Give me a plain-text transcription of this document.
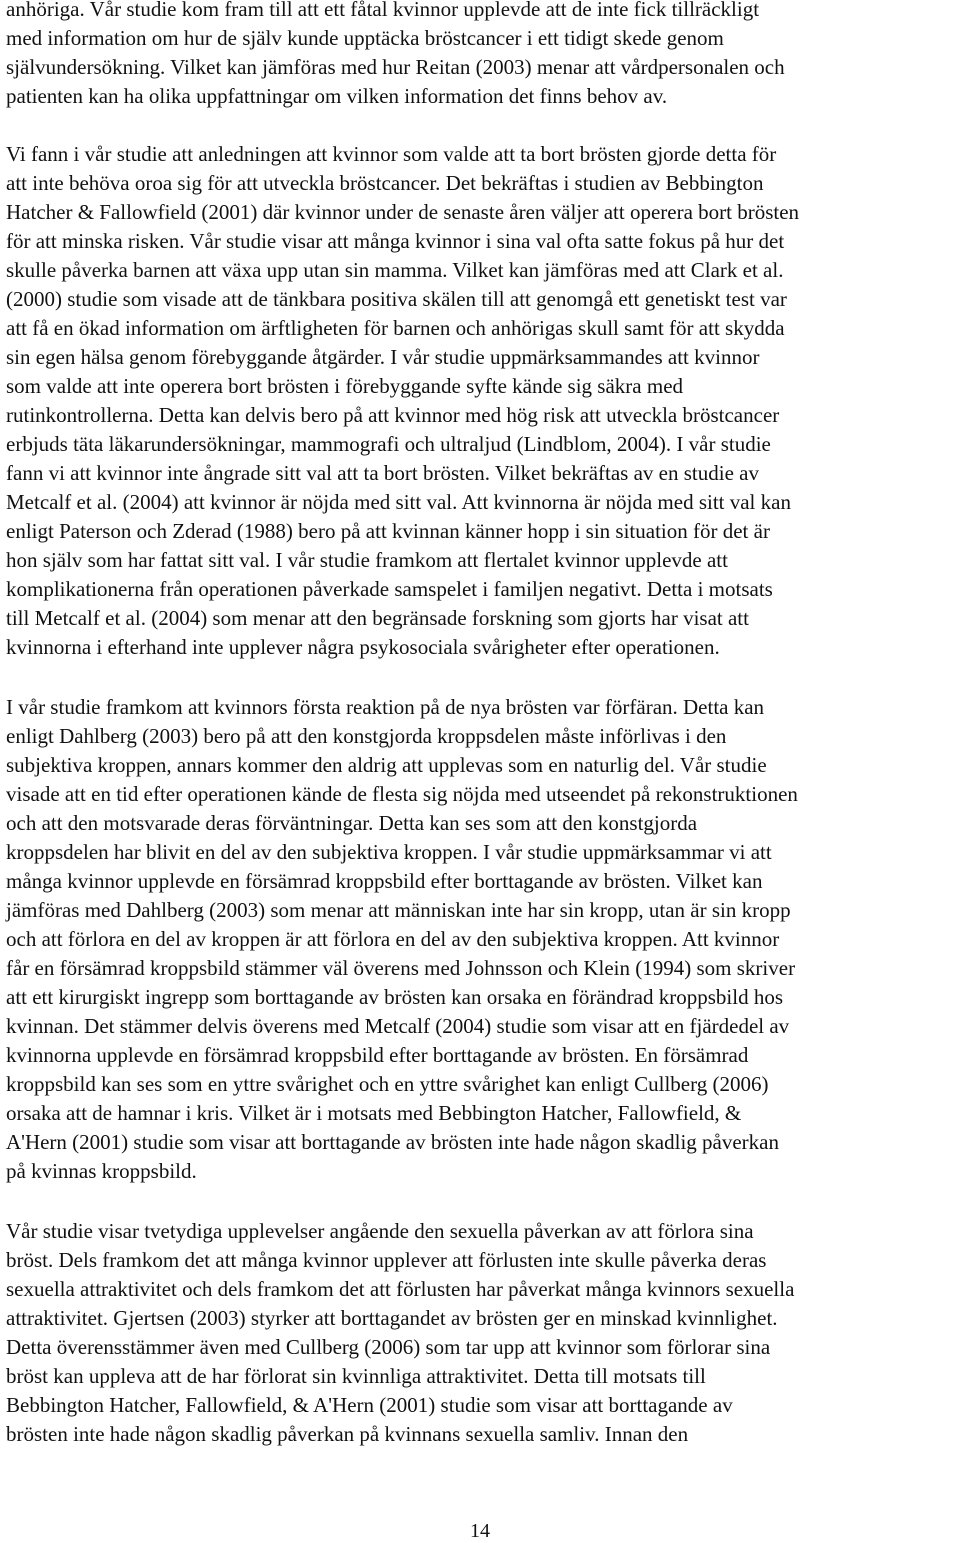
anhöriga. Vår studie kom fram till att ett fåtal kvinnor upplevde att de inte fick tillräckligt
med information om hur de själv kunde upptäcka bröstcancer i ett tidigt skede genom
självundersökning. Vilket kan jämföras med hur Reitan (2003) menar att vårdpersonalen och
patienten kan ha olika uppfattningar om vilken information det finns behov av.
Vi fann i vår studie att anledningen att kvinnor som valde att ta bort brösten gjorde detta för
att inte behöva oroa sig för att utveckla bröstcancer. Det bekräftas i studien av Bebbington
Hatcher & Fallowfield (2001) där kvinnor under de senaste åren väljer att operera bort brösten
för att minska risken. Vår studie visar att många kvinnor i sina val ofta satte fokus på hur det
skulle påverka barnen att växa upp utan sin mamma. Vilket kan jämföras med att Clark et al.
(2000) studie som visade att de tänkbara positiva skälen till att genomgå ett genetiskt test var
att få en ökad information om ärftligheten för barnen och anhörigas skull samt för att skydda
sin egen hälsa genom förebyggande åtgärder. I vår studie uppmärksammandes att kvinnor
som valde att inte operera bort brösten i förebyggande syfte kände sig säkra med
rutinkontrollerna. Detta kan delvis bero på att kvinnor med hög risk att utveckla bröstcancer
erbjuds täta läkarundersökningar, mammografi och ultraljud (Lindblom, 2004). I vår studie
fann vi att kvinnor inte ångrade sitt val att ta bort brösten. Vilket bekräftas av en studie av
Metcalf et al. (2004) att kvinnor är nöjda med sitt val. Att kvinnorna är nöjda med sitt val kan
enligt Paterson och Zderad (1988) bero på att kvinnan känner hopp i sin situation för det är
hon själv som har fattat sitt val. I vår studie framkom att flertalet kvinnor upplevde att
komplikationerna från operationen påverkade samspelet i familjen negativt. Detta i motsats
till Metcalf et al. (2004) som menar att den begränsade forskning som gjorts har visat att
kvinnorna i efterhand inte upplever några psykosociala svårigheter efter operationen.
I vår studie framkom att kvinnors första reaktion på de nya brösten var förfäran. Detta kan
enligt Dahlberg (2003) bero på att den konstgjorda kroppsdelen måste införlivas i den
subjektiva kroppen, annars kommer den aldrig att upplevas som en naturlig del. Vår studie
visade att en tid efter operationen kände de flesta sig nöjda med utseendet på rekonstruktionen
och att den motsvarade deras förväntningar. Detta kan ses som att den konstgjorda
kroppsdelen har blivit en del av den subjektiva kroppen. I vår studie uppmärksammar vi att
många kvinnor upplevde en försämrad kroppsbild efter borttagande av brösten. Vilket kan
jämföras med Dahlberg (2003) som menar att människan inte har sin kropp, utan är sin kropp
och att förlora en del av kroppen är att förlora en del av den subjektiva kroppen. Att kvinnor
får en försämrad kroppsbild stämmer väl överens med Johnsson och Klein (1994) som skriver
att ett kirurgiskt ingrepp som borttagande av brösten kan orsaka en förändrad kroppsbild hos
kvinnan. Det stämmer delvis överens med Metcalf (2004) studie som visar att en fjärdedel av
kvinnorna upplevde en försämrad kroppsbild efter borttagande av brösten. En försämrad
kroppsbild kan ses som en yttre svårighet och en yttre svårighet kan enligt Cullberg (2006)
orsaka att de hamnar i kris. Vilket är i motsats med Bebbington Hatcher, Fallowfield, &
A'Hern (2001) studie som visar att borttagande av brösten inte hade någon skadlig påverkan
på kvinnas kroppsbild.
Vår studie visar tvetydiga upplevelser angående den sexuella påverkan av att förlora sina
bröst. Dels framkom det att många kvinnor upplever att förlusten inte skulle påverka deras
sexuella attraktivitet och dels framkom det att förlusten har påverkat många kvinnors sexuella
attraktivitet. Gjertsen (2003) styrker att borttagandet av brösten ger en minskad kvinnlighet.
Detta överensstämmer även med Cullberg (2006) som tar upp att kvinnor som förlorar sina
bröst kan uppleva att de har förlorat sin kvinnliga attraktivitet. Detta till motsats till
Bebbington Hatcher, Fallowfield, & A'Hern (2001) studie som visar att borttagande av
brösten inte hade någon skadlig påverkan på kvinnans sexuella samliv. Innan den
14
